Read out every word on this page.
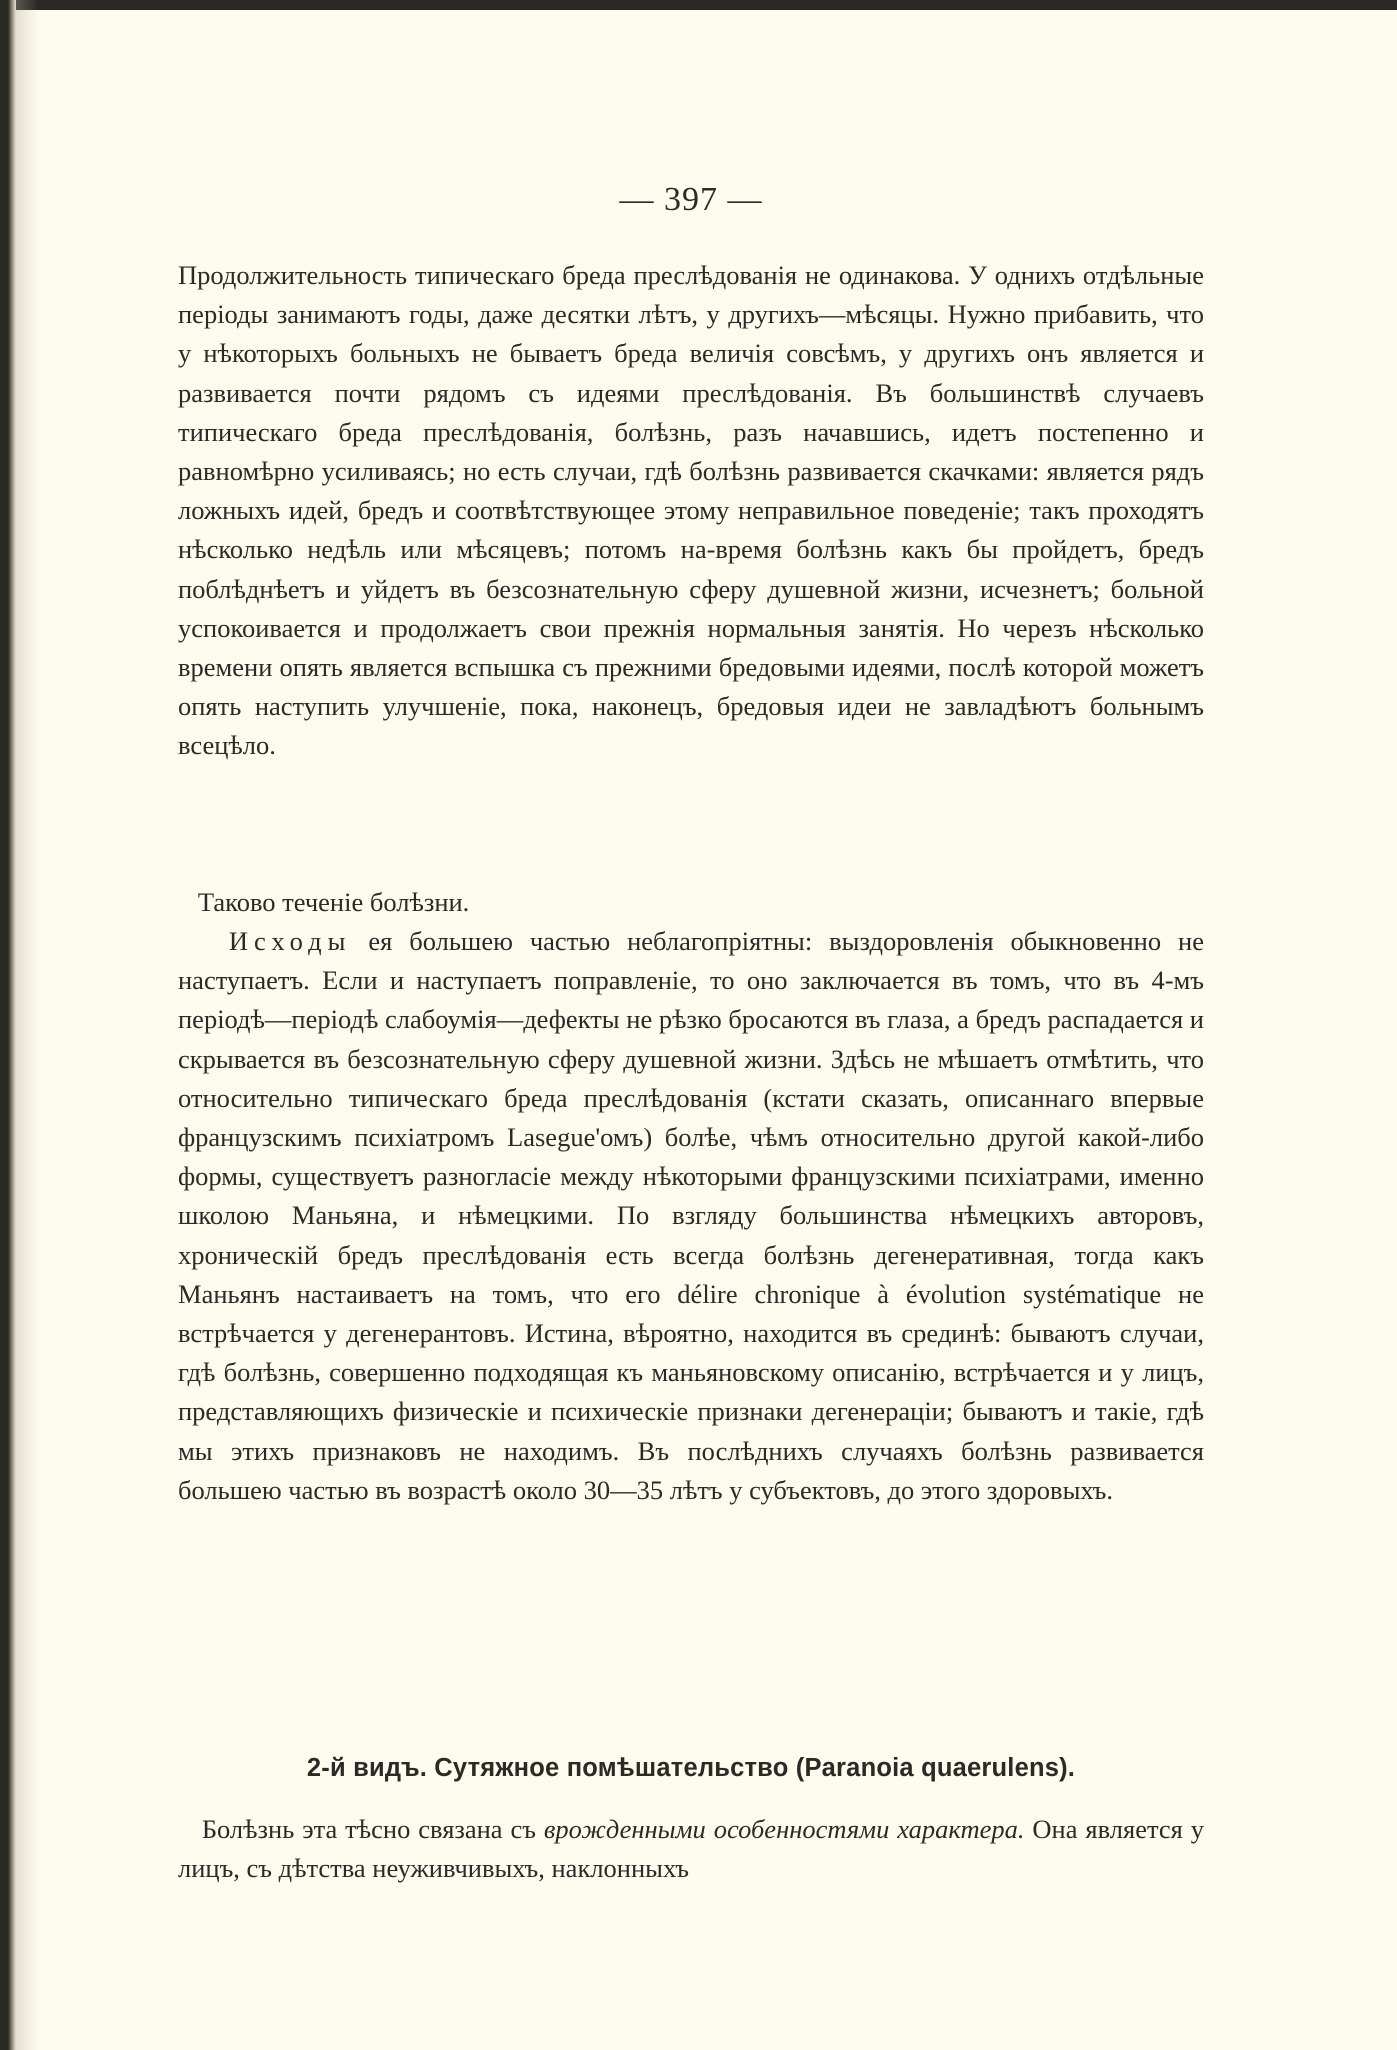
— 397 —

Продолжительность типическаго бреда преслѣдованія не одинакова. У однихъ отдѣльные періоды занимаютъ годы, даже десятки лѣтъ, у другихъ—мѣсяцы. Нужно прибавить, что у нѣкоторыхъ больныхъ не бываетъ бреда величія совсѣмъ, у другихъ онъ является и развивается почти рядомъ съ идеями преслѣдованія. Въ большинствѣ случаевъ типическаго бреда преслѣдованія, болѣзнь, разъ начавшись, идетъ постепенно и равномѣрно усиливаясь; но есть случаи, гдѣ болѣзнь развивается скачками: является рядъ ложныхъ идей, бредъ и соотвѣтствующее этому неправильное поведеніе; такъ проходятъ нѣсколько недѣль или мѣсяцевъ; потомъ на-время болѣзнь какъ бы пройдетъ, бредъ поблѣднѣетъ и уйдетъ въ безсознательную сферу душевной жизни, исчезнетъ; больной успокоивается и продолжаетъ свои прежнія нормальныя занятія. Но черезъ нѣсколько времени опять является вспышка съ прежними бредовыми идеями, послѣ которой можетъ опять наступить улучшеніе, пока, наконецъ, бредовыя идеи не завладѣютъ больнымъ всецѣло.

Таково теченіе болѣзни.

Исходы ея большею частью неблагопріятны: выздоровленія обыкновенно не наступаетъ. Если и наступаетъ поправленіе, то оно заключается въ томъ, что въ 4-мъ періодѣ—періодѣ слабоумія—дефекты не рѣзко бросаются въ глаза, а бредъ распадается и скрывается въ безсознательную сферу душевной жизни. Здѣсь не мѣшаетъ отмѣтить, что относительно типическаго бреда преслѣдованія (кстати сказать, описаннаго впервые французскимъ психіатромъ Lasegue'омъ) болѣе, чѣмъ относительно другой какой-либо формы, существуетъ разногласіе между нѣкоторыми французскими психіатрами, именно школою Маньяна, и нѣмецкими. По взгляду большинства нѣмецкихъ авторовъ, хроническій бредъ преслѣдованія есть всегда болѣзнь дегенеративная, тогда какъ Маньянъ настаиваетъ на томъ, что его délire chronique à évolution systématique не встрѣчается у дегенерантовъ. Истина, вѣроятно, находится въ срединѣ: бываютъ случаи, гдѣ болѣзнь, совершенно подходящая къ маньяновскому описанію, встрѣчается и у лицъ, представляющихъ физическіе и психическіе признаки дегенераціи; бываютъ и такіе, гдѣ мы этихъ признаковъ не находимъ. Въ послѣднихъ случаяхъ болѣзнь развивается большею частью въ возрастѣ около 30—35 лѣтъ у субъектовъ, до этого здоровыхъ.

2-й видъ. Сутяжное помѣшательство (Paranoia quaerulens).

Болѣзнь эта тѣсно связана съ врожденными особенностями характера. Она является у лицъ, съ дѣтства неуживчивыхъ, наклонныхъ
